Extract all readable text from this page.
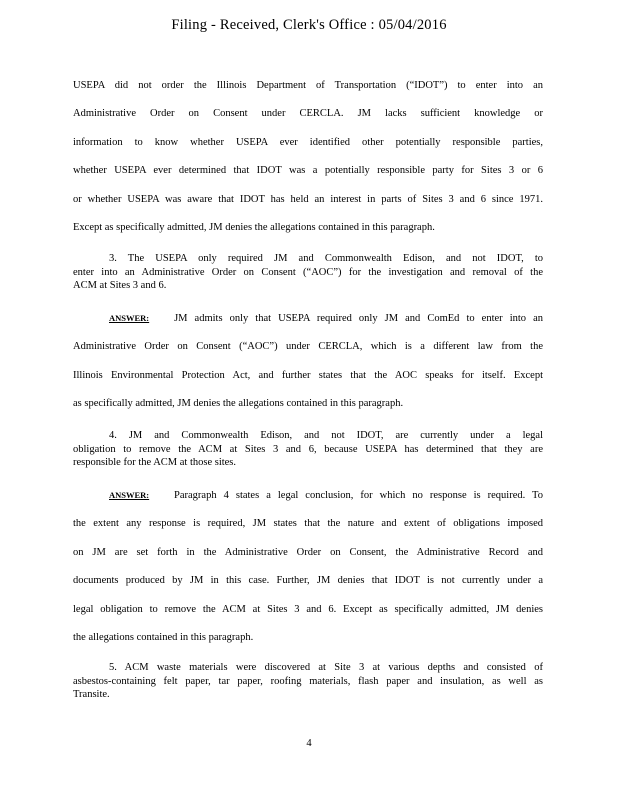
Filing - Received, Clerk's Office : 05/04/2016
USEPA did not order the Illinois Department of Transportation (“IDOT”) to enter into an
Administrative Order on Consent under CERCLA. JM lacks sufficient knowledge or
information to know whether USEPA ever identified other potentially responsible parties,
whether USEPA ever determined that IDOT was a potentially responsible party for Sites 3 or 6
or whether USEPA was aware that IDOT has held an interest in parts of Sites 3 and 6 since 1971.
Except as specifically admitted, JM denies the allegations contained in this paragraph.
3. The USEPA only required JM and Commonwealth Edison, and not IDOT, to
enter into an Administrative Order on Consent (“AOC”) for the investigation and removal of the
ACM at Sites 3 and 6.
ANSWER: JM admits only that USEPA required only JM and ComEd to enter into an
Administrative Order on Consent (“AOC”) under CERCLA, which is a different law from the
Illinois Environmental Protection Act, and further states that the AOC speaks for itself. Except
as specifically admitted, JM denies the allegations contained in this paragraph.
4. JM and Commonwealth Edison, and not IDOT, are currently under a legal
obligation to remove the ACM at Sites 3 and 6, because USEPA has determined that they are
responsible for the ACM at those sites.
ANSWER: Paragraph 4 states a legal conclusion, for which no response is required. To
the extent any response is required, JM states that the nature and extent of obligations imposed
on JM are set forth in the Administrative Order on Consent, the Administrative Record and
documents produced by JM in this case. Further, JM denies that IDOT is not currently under a
legal obligation to remove the ACM at Sites 3 and 6. Except as specifically admitted, JM denies
the allegations contained in this paragraph.
5. ACM waste materials were discovered at Site 3 at various depths and consisted of
asbestos-containing felt paper, tar paper, roofing materials, flash paper and insulation, as well as
Transite.
4
